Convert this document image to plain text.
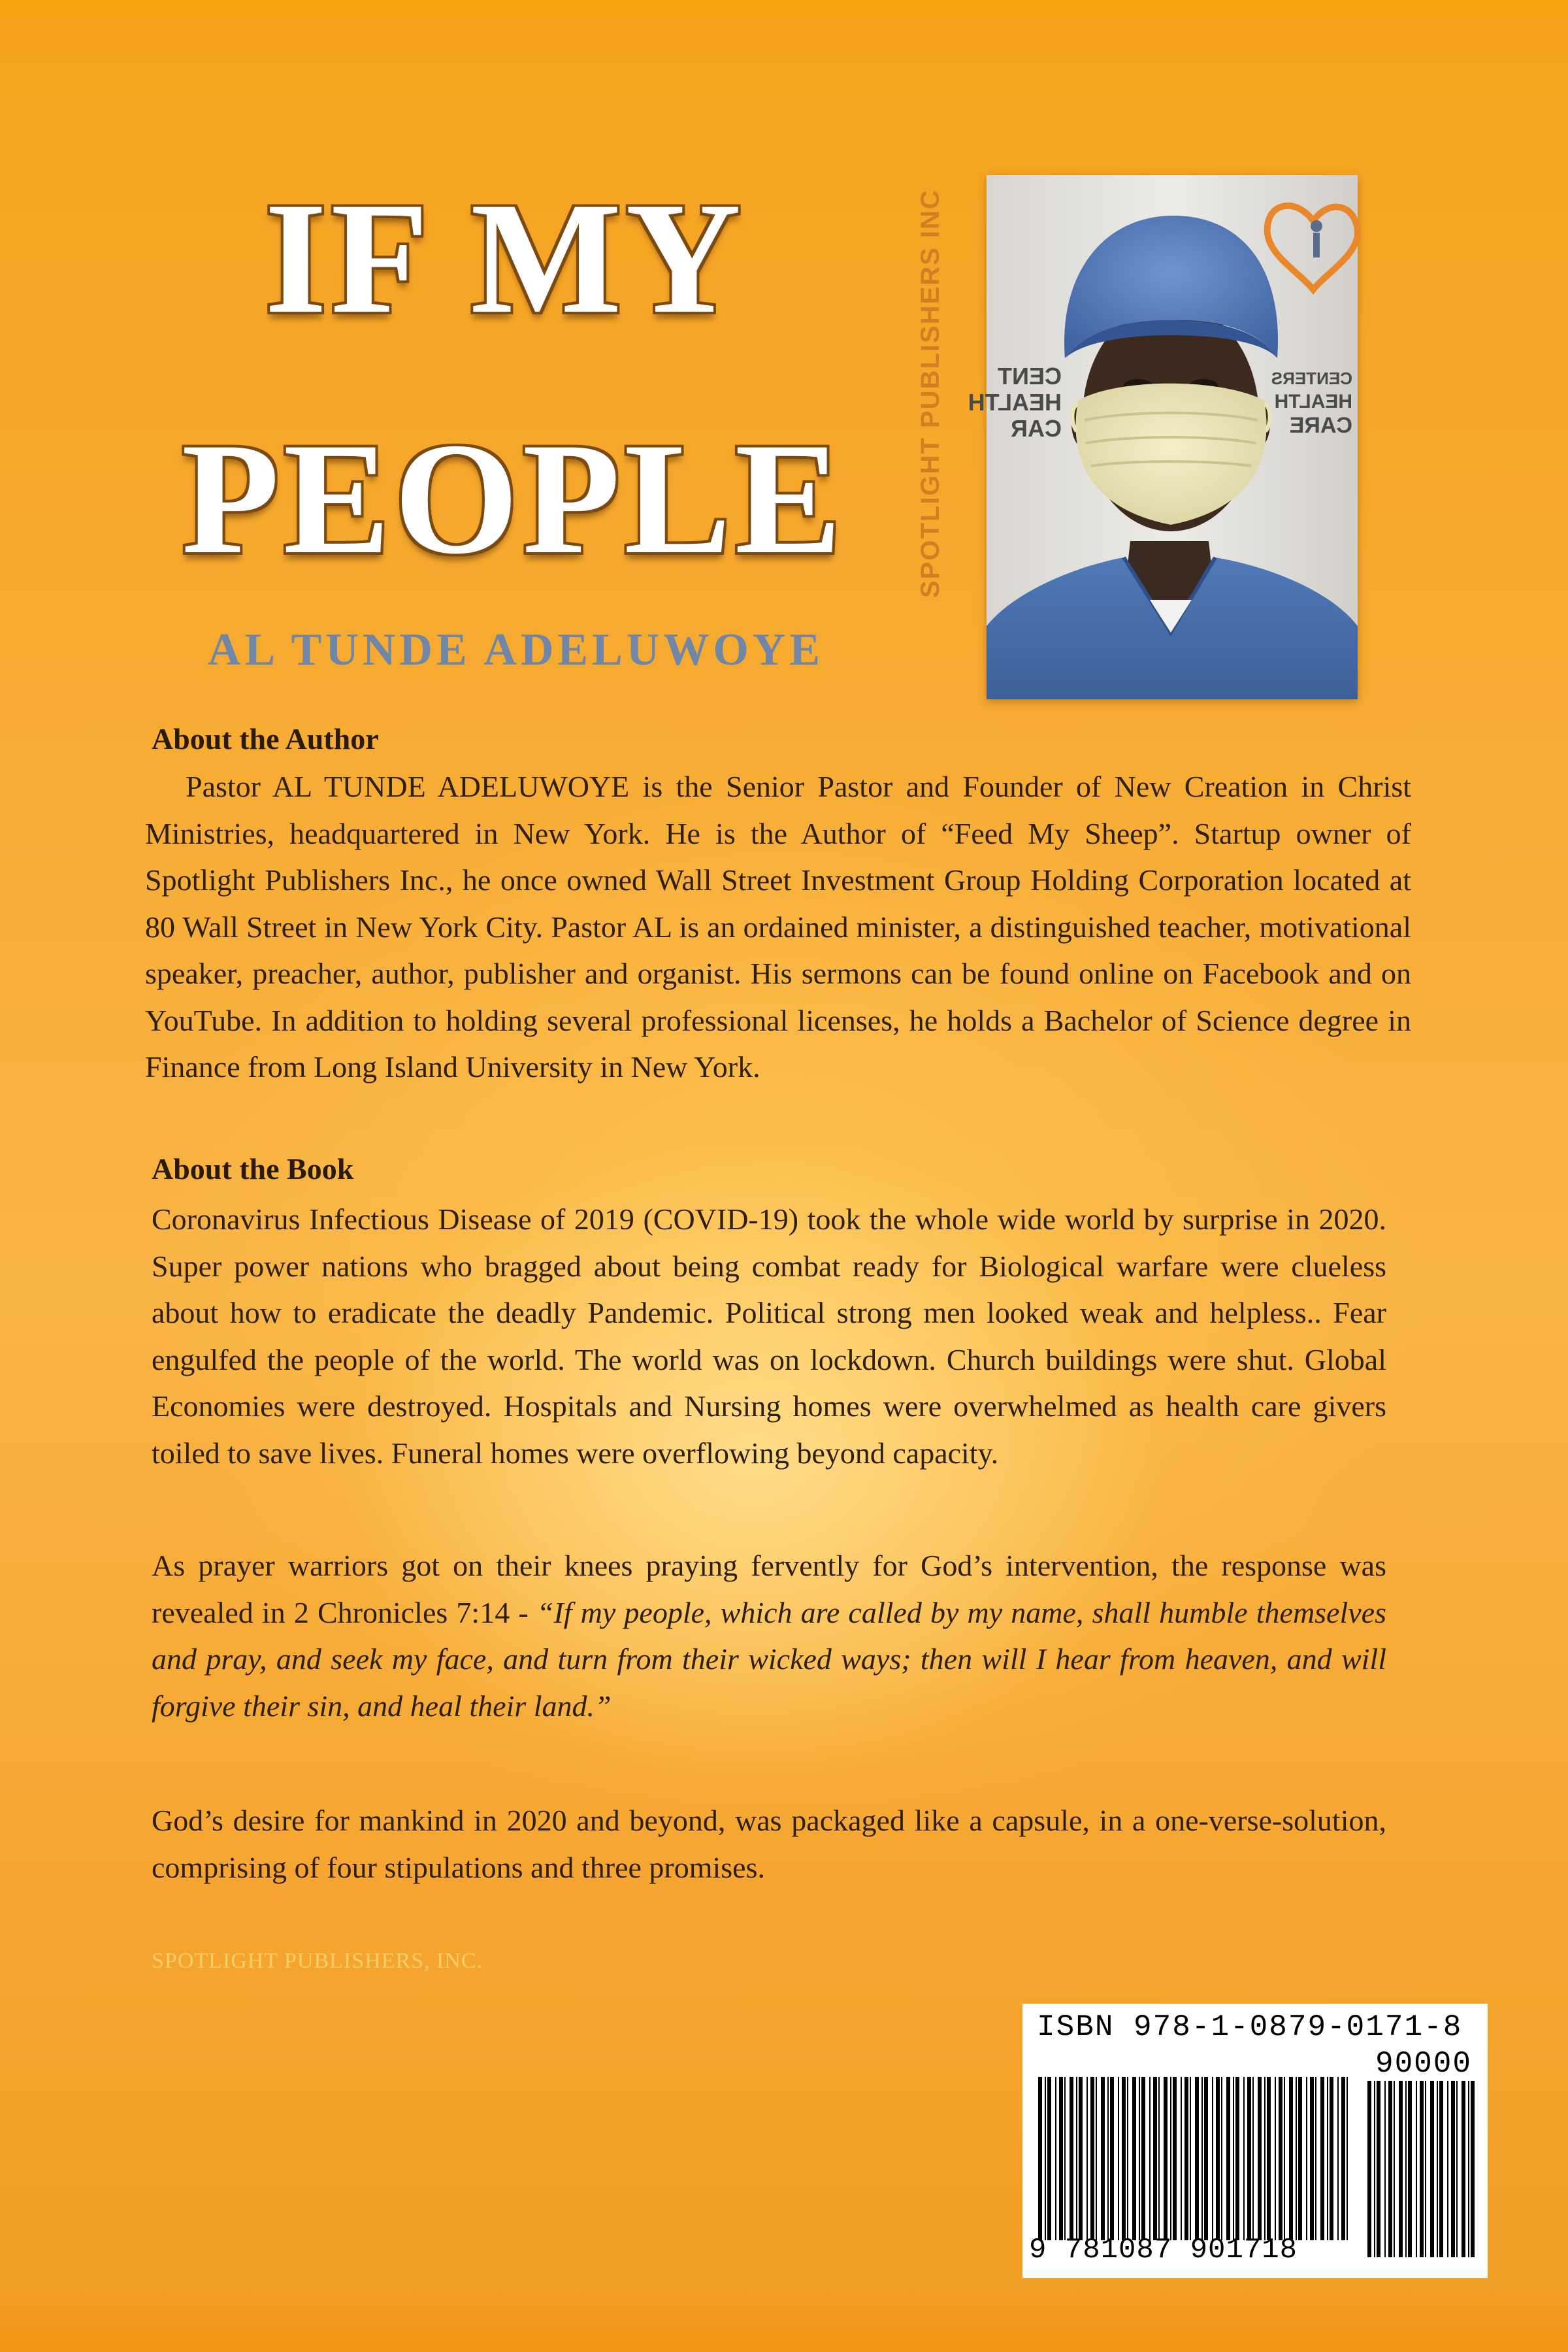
IF MY
PEOPLE

AL TUNDE ADELUWOYE

SPOTLIGHT PUBLISHERS INC	CENT
HEALTH
CAR
CENTERS
HEALTH
CARE
About the Author

Pastor AL TUNDE ADELUWOYE is the Senior Pastor and Founder of New Creation in Christ Ministries, headquartered in New York. He is the Author of “Feed My Sheep”. Startup owner of Spotlight Publishers Inc., he once owned Wall Street Investment Group Holding Corporation located at 80 Wall Street in New York City. Pastor AL is an ordained minister, a distinguished teacher, motivational speaker, preacher, author, publisher and organist. His sermons can be found online on Facebook and on YouTube. In addition to holding several professional licenses, he holds a Bachelor of Science degree in Finance from Long Island University in New York.

About the Book

Coronavirus Infectious Disease of 2019 (COVID-19) took the whole wide world by surprise in 2020. Super power nations who bragged about being combat ready for Biological warfare were clueless about how to eradicate the deadly Pandemic. Political strong men looked weak and helpless.. Fear engulfed the people of the world. The world was on lockdown. Church buildings were shut. Global Economies were destroyed. Hospitals and Nursing homes were overwhelmed as health care givers toiled to save lives. Funeral homes were overflowing beyond capacity.

As prayer warriors got on their knees praying fervently for God’s intervention, the response was revealed in 2 Chronicles 7:14 - “If my people, which are called by my name, shall humble themselves and pray, and seek my face, and turn from their wicked ways; then will I hear from heaven, and will forgive their sin, and heal their land.”

God’s desire for mankind in 2020 and beyond, was packaged like a capsule, in a one-verse-solution, comprising of four stipulations and three promises.

SPOTLIGHT PUBLISHERS, INC.

ISBN 978-1-0879-0171-8

90000

9 781087 901718
